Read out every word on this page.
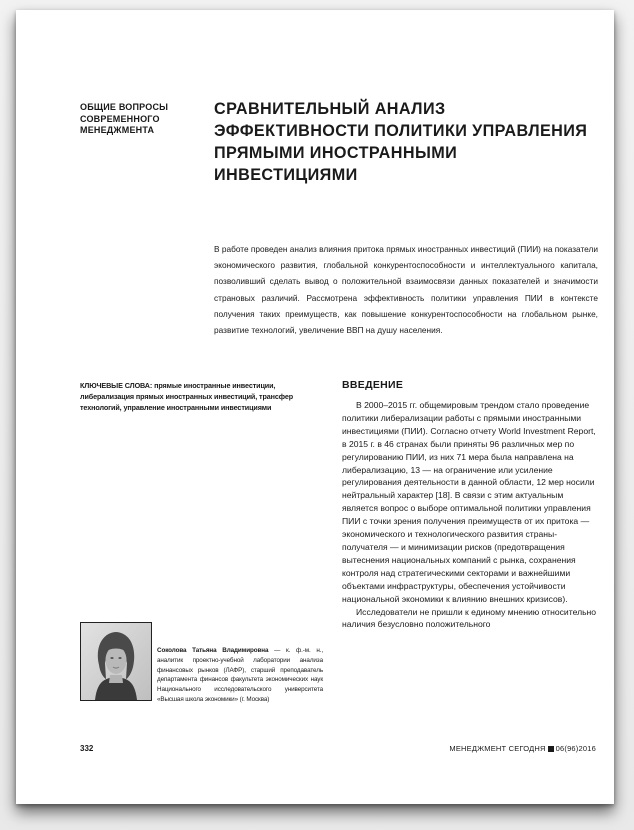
ОБЩИЕ ВОПРОСЫ СОВРЕМЕННОГО МЕНЕДЖМЕНТА
СРАВНИТЕЛЬНЫЙ АНАЛИЗ ЭФФЕКТИВНОСТИ ПОЛИТИКИ УПРАВЛЕНИЯ ПРЯМЫМИ ИНОСТРАННЫМИ ИНВЕСТИЦИЯМИ

В работе проведен анализ влияния притока прямых иностранных инвестиций (ПИИ) на показатели экономического развития, глобальной конкурентоспособности и интеллектуального капитала, позволивший сделать вывод о положительной взаимосвязи данных показателей и значимости страновых различий. Рассмотрена эффективность политики управления ПИИ в контексте получения таких преимуществ, как повышение конкурентоспособности на глобальном рынке, развитие технологий, увеличение ВВП на душу населения.

КЛЮЧЕВЫЕ СЛОВА: прямые иностранные инвестиции, либерализация прямых иностранных инвестиций, трансфер технологий, управление иностранными инвестициями

ВВЕДЕНИЕ

В 2000–2015 гг. общемировым трендом стало проведение политики либерализации работы с прямыми иностранными инвестициями (ПИИ). Согласно отчету World Investment Report, в 2015 г. в 46 странах были приняты 96 различных мер по регулированию ПИИ, из них 71 мера была направлена на либерализацию, 13 — на ограничение или усиление регулирования деятельности в данной области, 12 мер носили нейтральный характер [18]. В связи с этим актуальным является вопрос о выборе оптимальной политики управления ПИИ с точки зрения получения преимуществ от их притока — экономического и технологического развития страны-получателя — и минимизации рисков (предотвращения вытеснения национальных компаний с рынка, сохранения контроля над стратегическими секторами и важнейшими объектами инфраструктуры, обеспечения устойчивости национальной экономики к влиянию внешних кризисов).

Исследователи не пришли к единому мнению относительно наличия безусловно положительного

Соколова Татьяна Владимировна — к. ф.-м. н., аналитик проектно-учебной лаборатории анализа финансовых рынков (ЛАФР), старший преподаватель департамента финансов факультета экономических наук Национального исследовательского университета «Высшая школа экономики» (г. Москва)

332	МЕНЕДЖМЕНТ СЕГОДНЯ 06(96)2016
